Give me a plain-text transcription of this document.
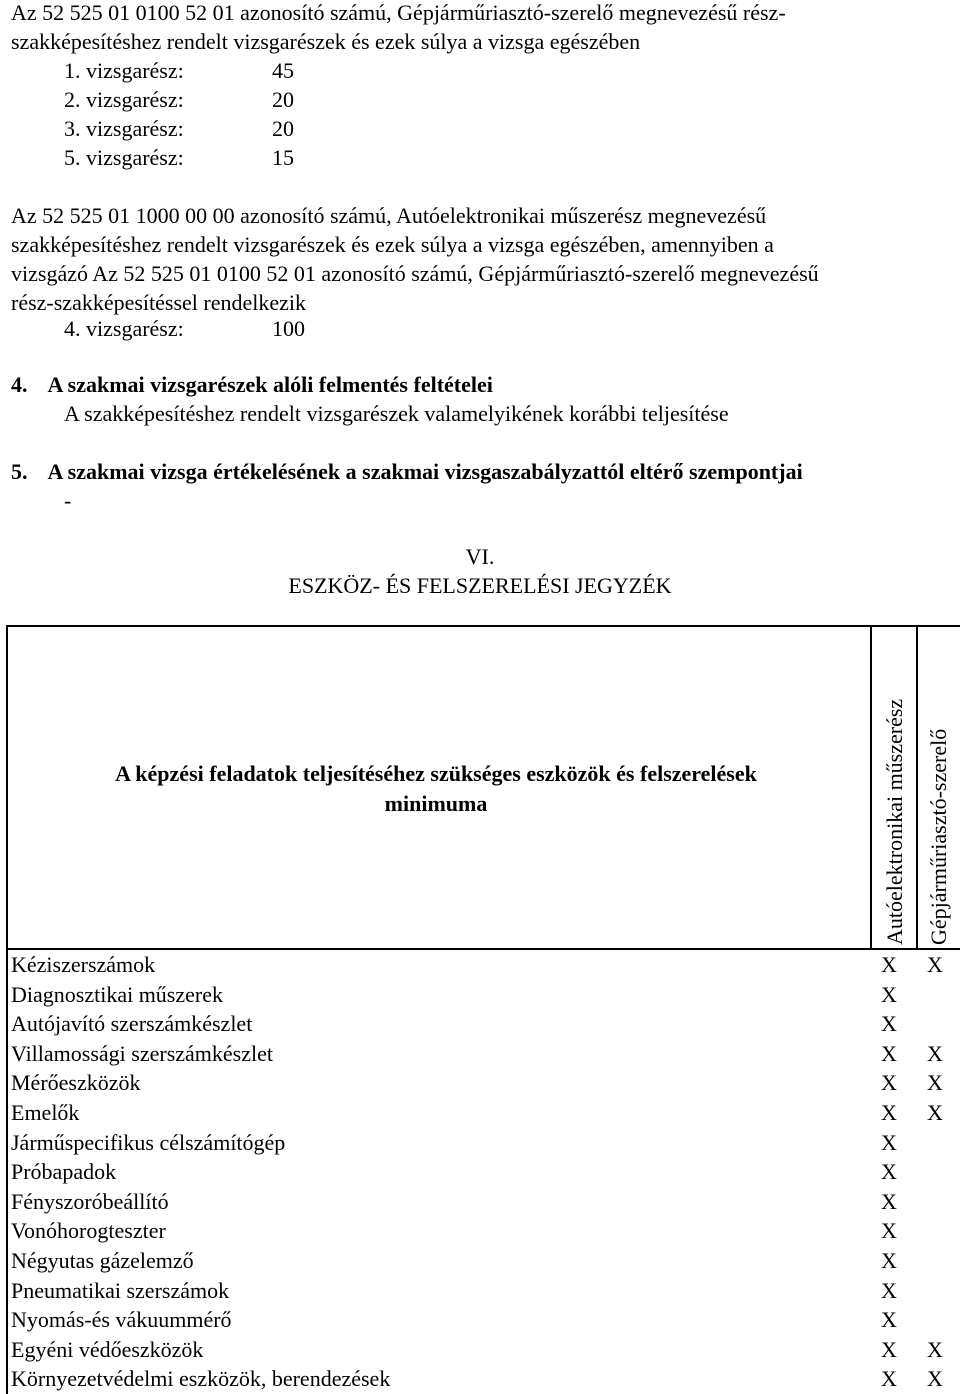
Az 52 525 01 0100 52 01 azonosító számú, Gépjárműriasztó-szerelő megnevezésű rész-
szakképesítéshez rendelt vizsgarészek és ezek súlya a vizsga egészében
1. vizsgarész:	45
2. vizsgarész:	20
3. vizsgarész:	20
5. vizsgarész:	15
Az 52 525 01 1000 00 00 azonosító számú, Autóelektronikai műszerész megnevezésű
szakképesítéshez rendelt vizsgarészek és ezek súlya a vizsga egészében, amennyiben a
vizsgázó Az 52 525 01 0100 52 01 azonosító számú, Gépjárműriasztó-szerelő megnevezésű
rész-szakképesítéssel rendelkezik
4. vizsgarész:	100
4. A szakmai vizsgarészek alóli felmentés feltételei
A szakképesítéshez rendelt vizsgarészek valamelyikének korábbi teljesítése
5. A szakmai vizsga értékelésének a szakmai vizsgaszabályzattól eltérő szempontjai
-
VI.
ESZKÖZ- ÉS FELSZERELÉSI JEGYZÉK
A képzési feladatok teljesítéséhez szükséges eszközök és felszerelések
minimuma	Autóelektronikai műszerész Gépjárműriasztó-szerelő
Kéziszerszámok	X X
Diagnosztikai műszerek	X
Autójavító szerszámkészlet	X
Villamossági szerszámkészlet	X X
Mérőeszközök	X X
Emelők	X X
Járműspecifikus célszámítógép	X
Próbapadok	X
Fényszoróbeállító	X
Vonóhorogteszter	X
Négyutas gázelemző	X
Pneumatikai szerszámok	X
Nyomás-és vákuummérő	X
Egyéni védőeszközök	X X
Környezetvédelmi eszközök, berendezések	X X
